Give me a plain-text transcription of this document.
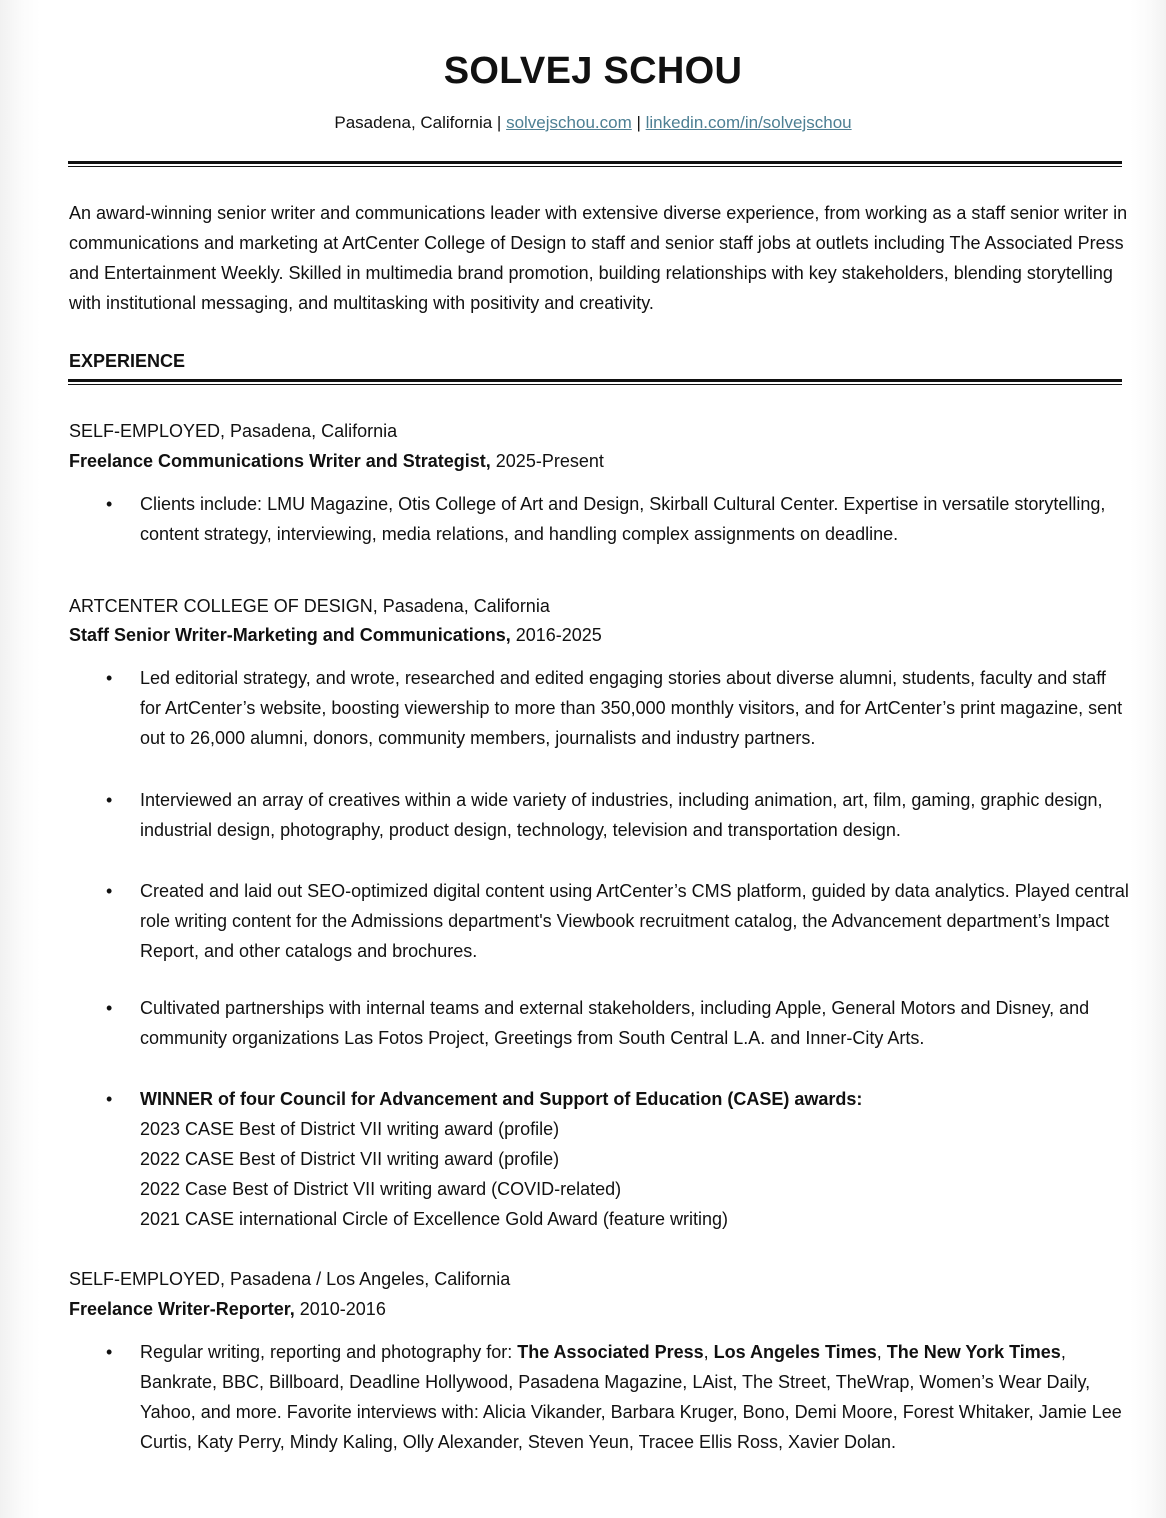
SOLVEJ SCHOU
Pasadena, California | solvejschou.com | linkedin.com/in/solvejschou
An award-winning senior writer and communications leader with extensive diverse experience, from working as a staff senior writer in communications and marketing at ArtCenter College of Design to staff and senior staff jobs at outlets including The Associated Press and Entertainment Weekly. Skilled in multimedia brand promotion, building relationships with key stakeholders, blending storytelling with institutional messaging, and multitasking with positivity and creativity.
EXPERIENCE
SELF-EMPLOYED, Pasadena, California
Freelance Communications Writer and Strategist, 2025-Present
• Clients include: LMU Magazine, Otis College of Art and Design, Skirball Cultural Center. Expertise in versatile storytelling, content strategy, interviewing, media relations, and handling complex assignments on deadline.
ARTCENTER COLLEGE OF DESIGN, Pasadena, California
Staff Senior Writer-Marketing and Communications, 2016-2025
• Led editorial strategy, and wrote, researched and edited engaging stories about diverse alumni, students, faculty and staff for ArtCenter’s website, boosting viewership to more than 350,000 monthly visitors, and for ArtCenter’s print magazine, sent out to 26,000 alumni, donors, community members, journalists and industry partners.
• Interviewed an array of creatives within a wide variety of industries, including animation, art, film, gaming, graphic design, industrial design, photography, product design, technology, television and transportation design.
• Created and laid out SEO-optimized digital content using ArtCenter’s CMS platform, guided by data analytics. Played central role writing content for the Admissions department's Viewbook recruitment catalog, the Advancement department’s Impact Report, and other catalogs and brochures.
• Cultivated partnerships with internal teams and external stakeholders, including Apple, General Motors and Disney, and community organizations Las Fotos Project, Greetings from South Central L.A. and Inner-City Arts.
• WINNER of four Council for Advancement and Support of Education (CASE) awards:
2023 CASE Best of District VII writing award (profile)
2022 CASE Best of District VII writing award (profile)
2022 Case Best of District VII writing award (COVID-related)
2021 CASE international Circle of Excellence Gold Award (feature writing)
SELF-EMPLOYED, Pasadena / Los Angeles, California
Freelance Writer-Reporter, 2010-2016
• Regular writing, reporting and photography for: The Associated Press, Los Angeles Times, The New York Times, Bankrate, BBC, Billboard, Deadline Hollywood, Pasadena Magazine, LAist, The Street, TheWrap, Women’s Wear Daily, Yahoo, and more. Favorite interviews with: Alicia Vikander, Barbara Kruger, Bono, Demi Moore, Forest Whitaker, Jamie Lee Curtis, Katy Perry, Mindy Kaling, Olly Alexander, Steven Yeun, Tracee Ellis Ross, Xavier Dolan.
